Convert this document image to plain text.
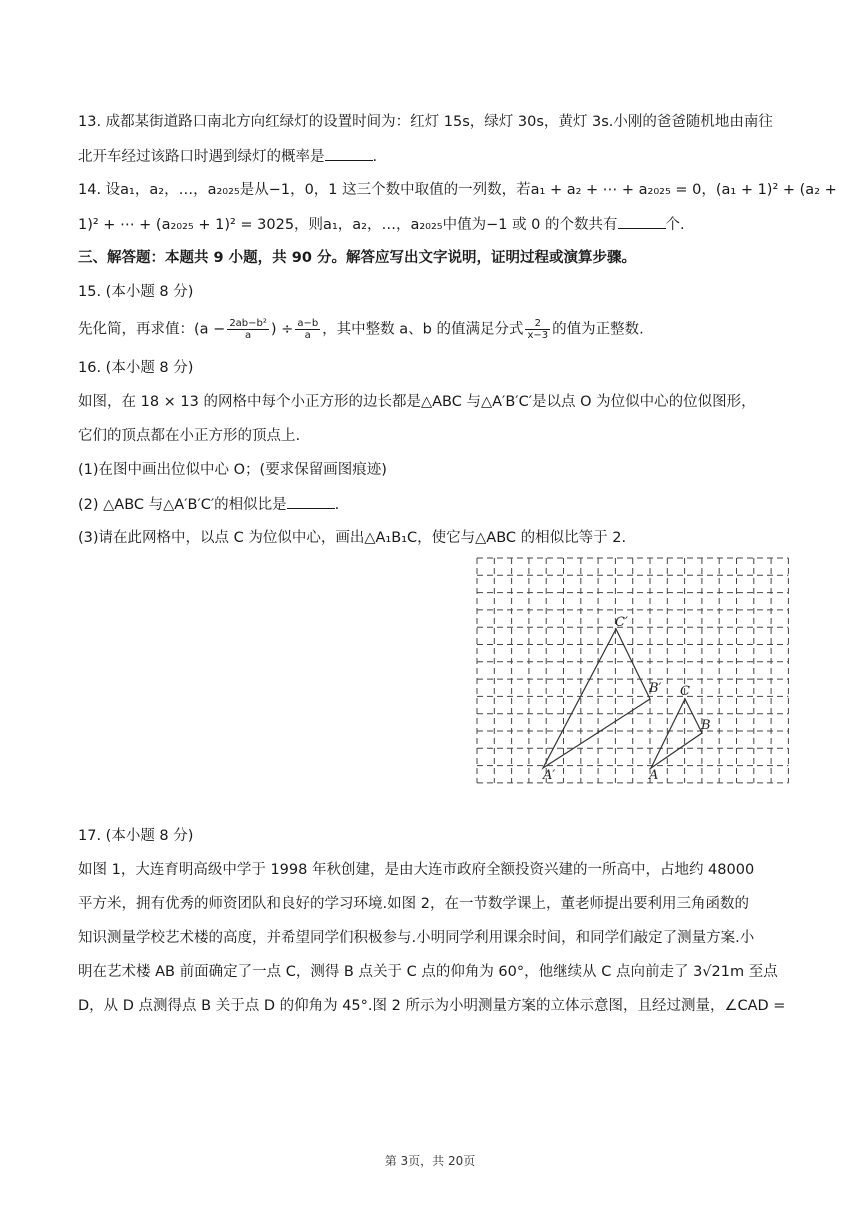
13. 成都某街道路口南北方向红绿灯的设置时间为：红灯 15s，绿灯 30s，黄灯 3s.小刚的爸爸随机地由南往
北开车经过该路口时遇到绿灯的概率是	.
14. 设a₁，a₂，…，a₂₀₂₅是从−1，0，1 这三个数中取值的一列数，若a₁ + a₂ + ⋯ + a₂₀₂₅ = 0，(a₁ + 1)² + (a₂ +
1)² + ⋯ + (a₂₀₂₅ + 1)² = 3025，则a₁，a₂，…，a₂₀₂₅中值为−1 或 0 的个数共有	个.
三、解答题：本题共 9 小题，共 90 分。解答应写出文字说明，证明过程或演算步骤。
15. (本小题 8 分)
先化简，再求值：($a - \frac{\text{2ab−b²}}{a}$ ) ÷ $\frac{a-b}{a}$ ，其中整数 a、b 的值满足分式 $\frac{2}{x-3}$ 的值为正整数.
16. (本小题 8 分)
如图，在 18 × 13 的网格中每个小正方形的边长都是△ABC 与△A′B′C′是以点 O 为位似中心的位似图形，
它们的顶点都在小正方形的顶点上.
(1)在图中画出位似中心 O；(要求保留画图痕迹)
(2) △ABC 与△A′B′C′的相似比是	.
(3)请在此网格中，以点 C 为位似中心，画出△A₁B₁C，使它与△ABC 的相似比等于 2.
C′
B′
A′
C
B
A
17. (本小题 8 分)
如图 1，大连育明高级中学于 1998 年秋创建，是由大连市政府全额投资兴建的一所高中，占地约 48000
平方米，拥有优秀的师资团队和良好的学习环境.如图 2，在一节数学课上，董老师提出要利用三角函数的
知识测量学校艺术楼的高度，并希望同学们积极参与.小明同学利用课余时间，和同学们敲定了测量方案.小
明在艺术楼 AB 前面确定了一点 C，测得 B 点关于 C 点的仰角为 60°，他继续从 C 点向前走了 3√21m 至点
D，从 D 点测得点 B 关于点 D 的仰角为 45°.图 2 所示为小明测量方案的立体示意图，且经过测量，∠CAD =
第 3页，共 20页
